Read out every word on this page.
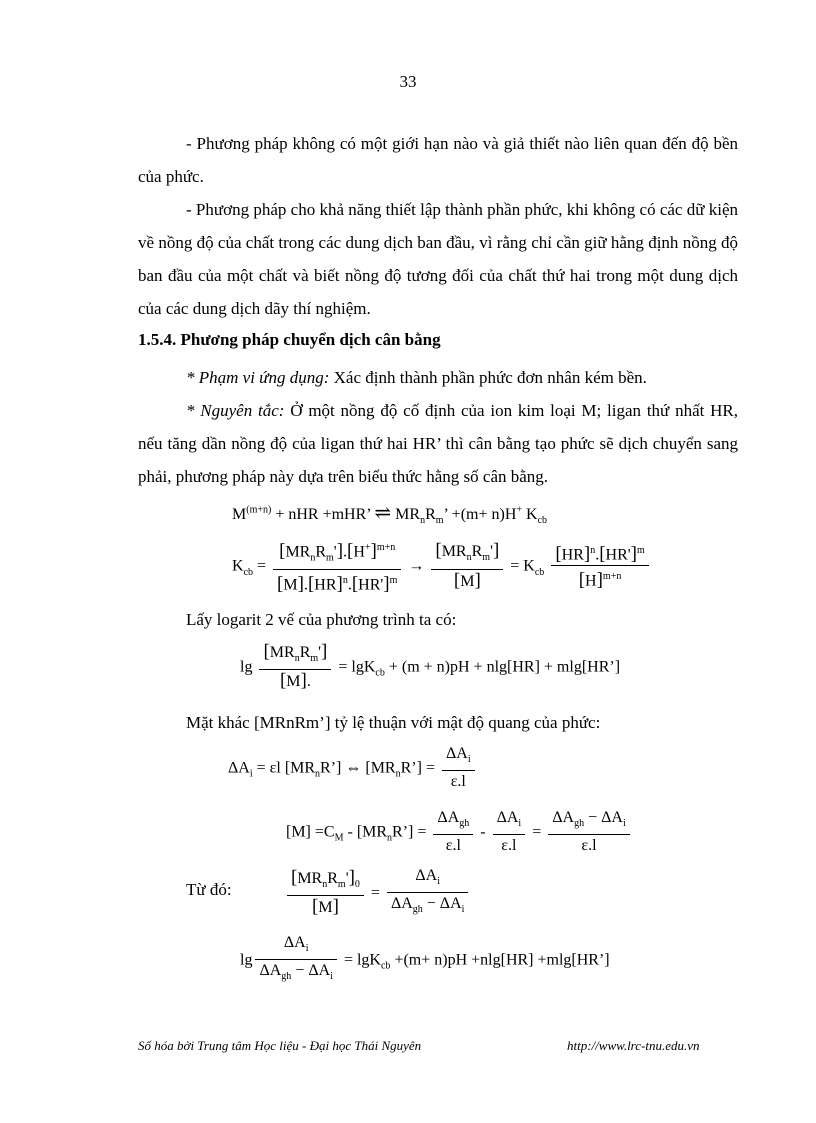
33

- Phương pháp không có một giới hạn nào và giả thiết nào liên quan đến độ bền của phức.

- Phương pháp cho khả năng thiết lập thành phần phức, khi không có các dữ kiện về nồng độ của chất trong các dung dịch ban đầu, vì rằng chỉ cần giữ hằng định nồng độ ban đầu của một chất và biết nồng độ tương đối của chất thứ hai trong một dung dịch của các dung dịch dãy thí nghiệm.

1.5.4. Phương pháp chuyển dịch cân bằng

* Phạm vi ứng dụng: Xác định thành phần phức đơn nhân kém bền.

* Nguyên tắc: Ở một nồng độ cố định của ion kim loại M; ligan thứ nhất HR, nếu tăng dần nồng độ của ligan thứ hai HR’ thì cân bằng tạo phức sẽ dịch chuyển sang phải, phương pháp này dựa trên biểu thức hằng số cân bằng.

$M^{(m+n)}$ + nHR +mHR’ ⇌ $MR_nR_m$’ +(m+ n)H+ $K_{cb}$
$K_{cb} = \frac{[MR_nR_m'].[H^+]^{m+n}}{[M].[HR]^n.[HR']^m} \to \frac{[MR_nR_m']}{[M]} = K_{cb} \frac{[HR]^n.[HR']^m}{[H]^{m+n}}$

Lấy logarit 2 vế của phương trình ta có:

$\lg \frac{[MR_nR_m']}{[M].} = \lg K_{cb} + (m + n)pH + nlg[HR]$ + mlg[HR’]

Mặt khác [MRnRm’] tỷ lệ thuận với mật độ quang của phức:

$\Delta A_i = \varepsilon l$ $[MR_nR’]$ ⇔ $[MR_nR’] = \frac{\Delta A_i}{\varepsilon.l}$
$[M] =C_M$ - $[MR_nR’] = \frac{\Delta A_{gh}}{\varepsilon.l} - \frac{\Delta A_i}{\varepsilon.l} = \frac{\Delta A_{gh} - \Delta A_i}{\varepsilon.l}$
Từ đó:	$\frac{[MR_nR_m']_0}{[M]} = \frac{\Delta A_i}{\Delta A_{gh} - \Delta A_i}$
$\lg \frac{\Delta A_i}{\Delta A_{gh} - \Delta A_i} = \lg K_{cb} +(m+ n)pH +nlg[HR]$ +mlg[HR’]
Số hóa bởi Trung tâm Học liệu - Đại học Thái Nguyên	http://www.lrc-tnu.edu.vn
